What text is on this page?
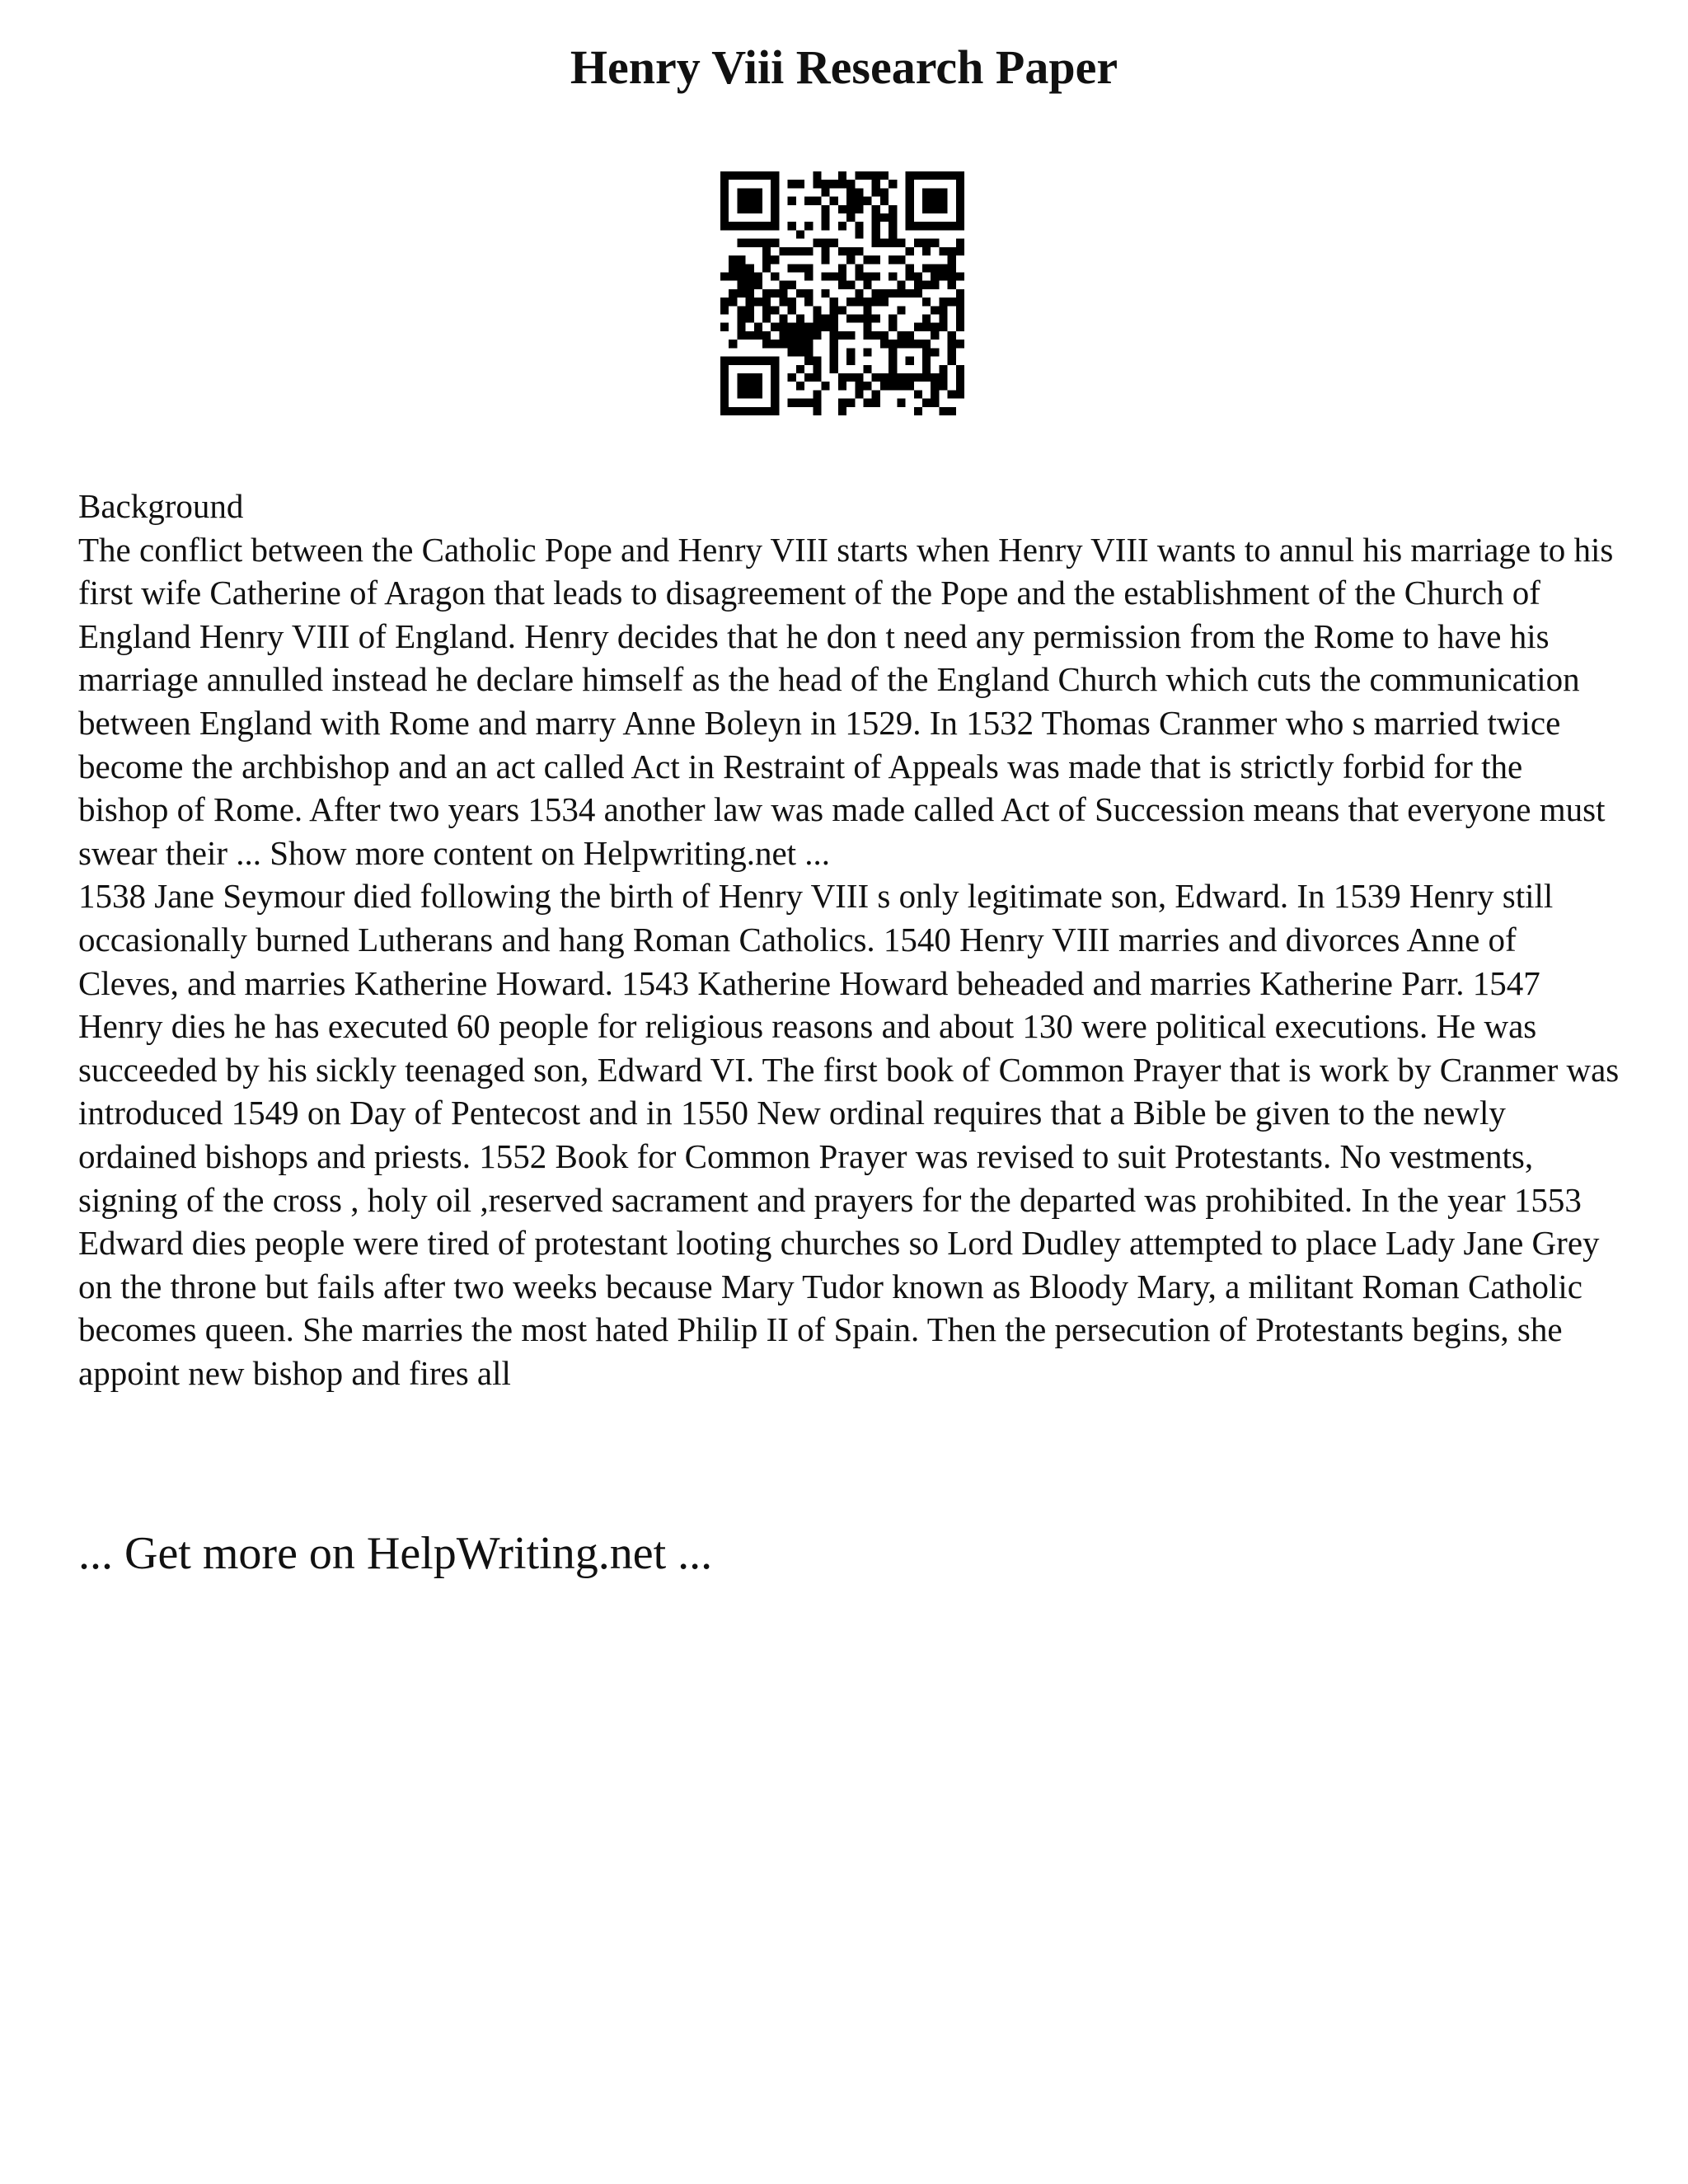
Henry Viii Research Paper

Background

The conflict between the Catholic Pope and Henry VIII starts when Henry VIII wants to annul his marriage to his first wife Catherine of Aragon that leads to disagreement of the Pope and the establishment of the Church of England Henry VIII of England. Henry decides that he don t need any permission from the Rome to have his marriage annulled instead he declare himself as the head of the England Church which cuts the communication between England with Rome and marry Anne Boleyn in 1529. In 1532 Thomas Cranmer who s married twice become the archbishop and an act called Act in Restraint of Appeals was made that is strictly forbid for the bishop of Rome. After two years 1534 another law was made called Act of Succession means that everyone must swear their ... Show more content on Helpwriting.net ...

1538 Jane Seymour died following the birth of Henry VIII s only legitimate son, Edward. In 1539 Henry still occasionally burned Lutherans and hang Roman Catholics. 1540 Henry VIII marries and divorces Anne of Cleves, and marries Katherine Howard. 1543 Katherine Howard beheaded and marries Katherine Parr. 1547 Henry dies he has executed 60 people for religious reasons and about 130 were political executions. He was succeeded by his sickly teenaged son, Edward VI. The first book of Common Prayer that is work by Cranmer was introduced 1549 on Day of Pentecost and in 1550 New ordinal requires that a Bible be given to the newly ordained bishops and priests. 1552 Book for Common Prayer was revised to suit Protestants. No vestments, signing of the cross , holy oil ,reserved sacrament and prayers for the departed was prohibited. In the year 1553 Edward dies people were tired of protestant looting churches so Lord Dudley attempted to place Lady Jane Grey on the throne but fails after two weeks because Mary Tudor known as Bloody Mary, a militant Roman Catholic becomes queen. She marries the most hated Philip II of Spain. Then the persecution of Protestants begins, she appoint new bishop and fires all

... Get more on HelpWriting.net ...
